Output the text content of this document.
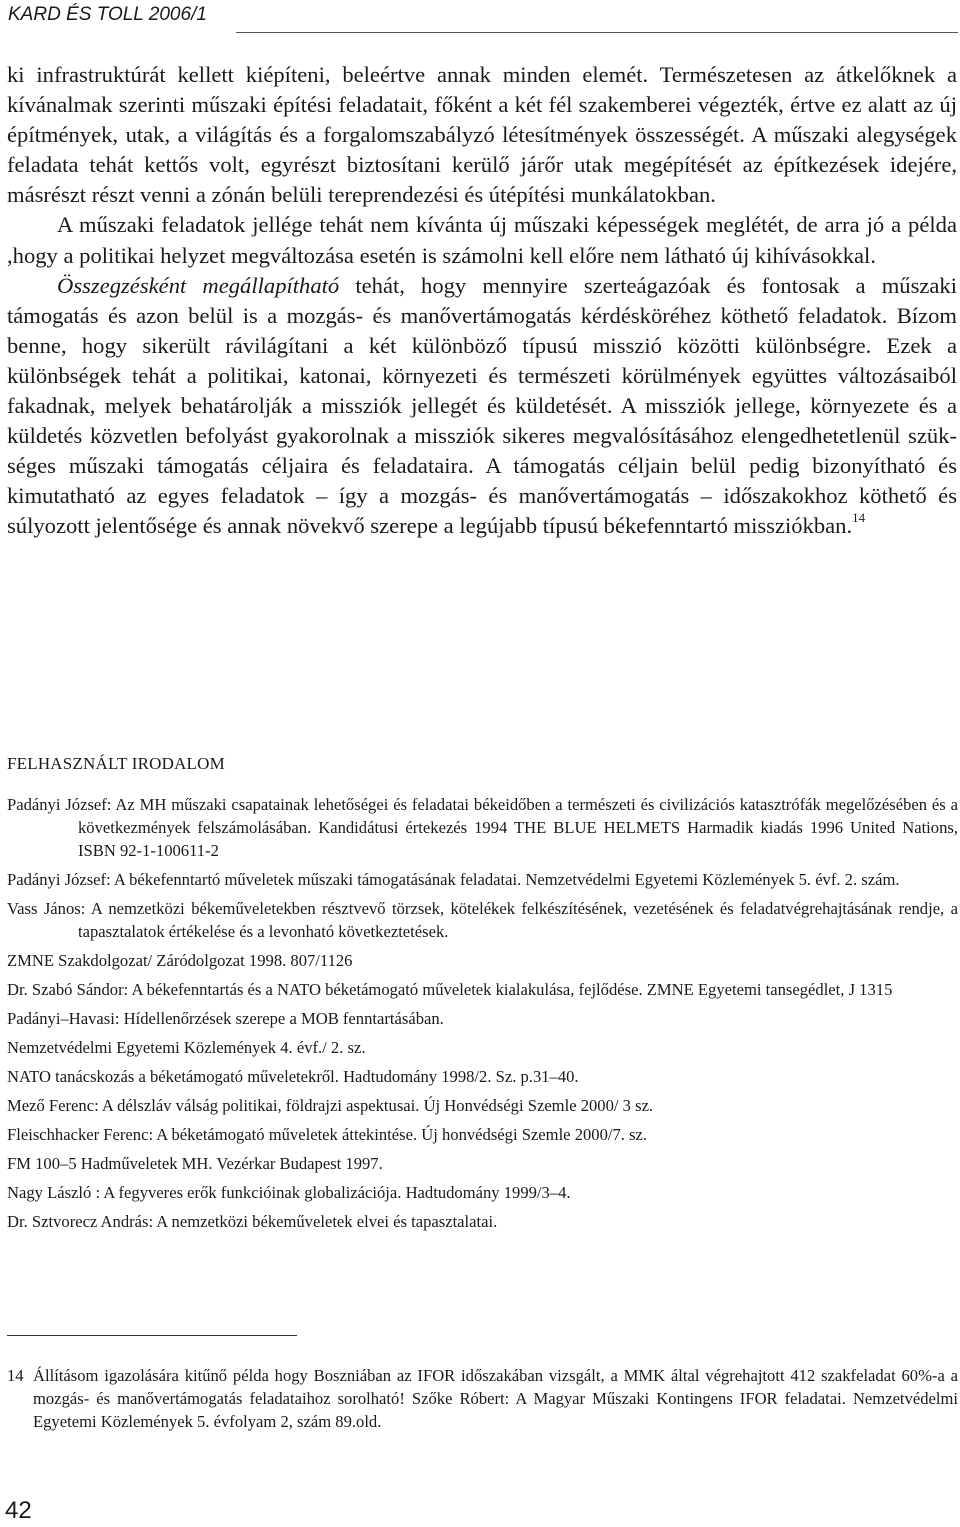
KARD ÉS TOLL 2006/1

ki infrastruktúrát kellett kiépíteni, beleértve annak minden elemét. Természetesen az átkelőknek a kívánalmak szerinti műszaki építési feladatait, főként a két fél szakemberei végezték, értve ez alatt az új építmények, utak, a világítás és a forgalomszabályzó létesítmények összességét. A műszaki alegységek feladata tehát kettős volt, egyrészt biztosítani kerülő járőr utak megépítését az építkezések idejére, másrészt részt venni a zónán belüli tereprendezési és útépítési munkálatokban.

A műszaki feladatok jellége tehát nem kívánta új műszaki képességek meglétét, de arra jó a példa ,hogy a politikai helyzet megváltozása esetén is számolni kell előre nem látható új kihívásokkal.

Összegzésként megállapítható tehát, hogy mennyire szerteágazóak és fontosak a műszaki támogatás és azon belül is a mozgás- és manővertámogatás kérdésköréhez köthető feladatok. Bízom benne, hogy sikerült rávilágítani a két különböző típusú misszió közötti különbségre. Ezek a különbségek tehát a politikai, katonai, környezeti és természeti körülmények együttes változásaiból fakadnak, melyek behatárolják a missziók jellegét és küldetését. A missziók jellege, környezete és a küldetés közvetlen befolyást gyakorolnak a missziók sikeres megvalósításához elengedhetetlenül szükséges műszaki támogatás céljaira és feladataira. A támogatás céljain belül pedig bizonyítható és kimutatható az egyes feladatok – így a mozgás- és manővertámogatás – időszakokhoz köthető és súlyozott jelentősége és annak növekvő szerepe a legújabb típusú békefenntartó missziókban.$^{14}$

FELHASZNÁLT IRODALOM
Padányi József: Az MH műszaki csapatainak lehetőségei és feladatai békeidőben a természeti és civilizációs katasztrófák megelőzésében és a következmények felszámolásában. Kandidátusi értekezés 1994 THE BLUE HELMETS Harmadik kiadás 1996 United Nations, ISBN 92-1-100611-2
Padányi József: A békefenntartó műveletek műszaki támogatásának feladatai. Nemzetvédelmi Egyetemi Közlemények 5. évf. 2. szám.
Vass János: A nemzetközi békeműveletekben résztvevő törzsek, kötelékek felkészítésének, vezetésének és feladatvégrehajtásának rendje, a tapasztalatok értékelése és a levonható következtetések.
ZMNE Szakdolgozat/ Záródolgozat 1998. 807/1126
Dr. Szabó Sándor: A békefenntartás és a NATO béketámogató műveletek kialakulása, fejlődése. ZMNE Egyetemi tansegédlet, J 1315
Padányi–Havasi: Hídellenőrzések szerepe a MOB fenntartásában.
Nemzetvédelmi Egyetemi Közlemények 4. évf./ 2. sz.
NATO tanácskozás a béketámogató műveletekről. Hadtudomány 1998/2. Sz. p.31–40.
Mező Ferenc: A délszláv válság politikai, földrajzi aspektusai. Új Honvédségi Szemle 2000/ 3 sz.
Fleischhacker Ferenc: A béketámogató műveletek áttekintése. Új honvédségi Szemle 2000/7. sz.
FM 100–5 Hadműveletek MH. Vezérkar Budapest 1997.
Nagy László : A fegyveres erők funkcióinak globalizációja. Hadtudomány 1999/3–4.
Dr. Sztvorecz András: A nemzetközi békeműveletek elvei és tapasztalatai.
14 Állításom igazolására kitűnő példa hogy Boszniában az IFOR időszakában vizsgált, a MMK által végrehajtott 412 szakfeladat 60%-a a mozgás- és manővertámogatás feladataihoz sorolható! Szőke Róbert: A Magyar Műszaki Kontingens IFOR feladatai. Nemzetvédelmi Egyetemi Közlemények 5. évfolyam 2, szám 89.old.
42
